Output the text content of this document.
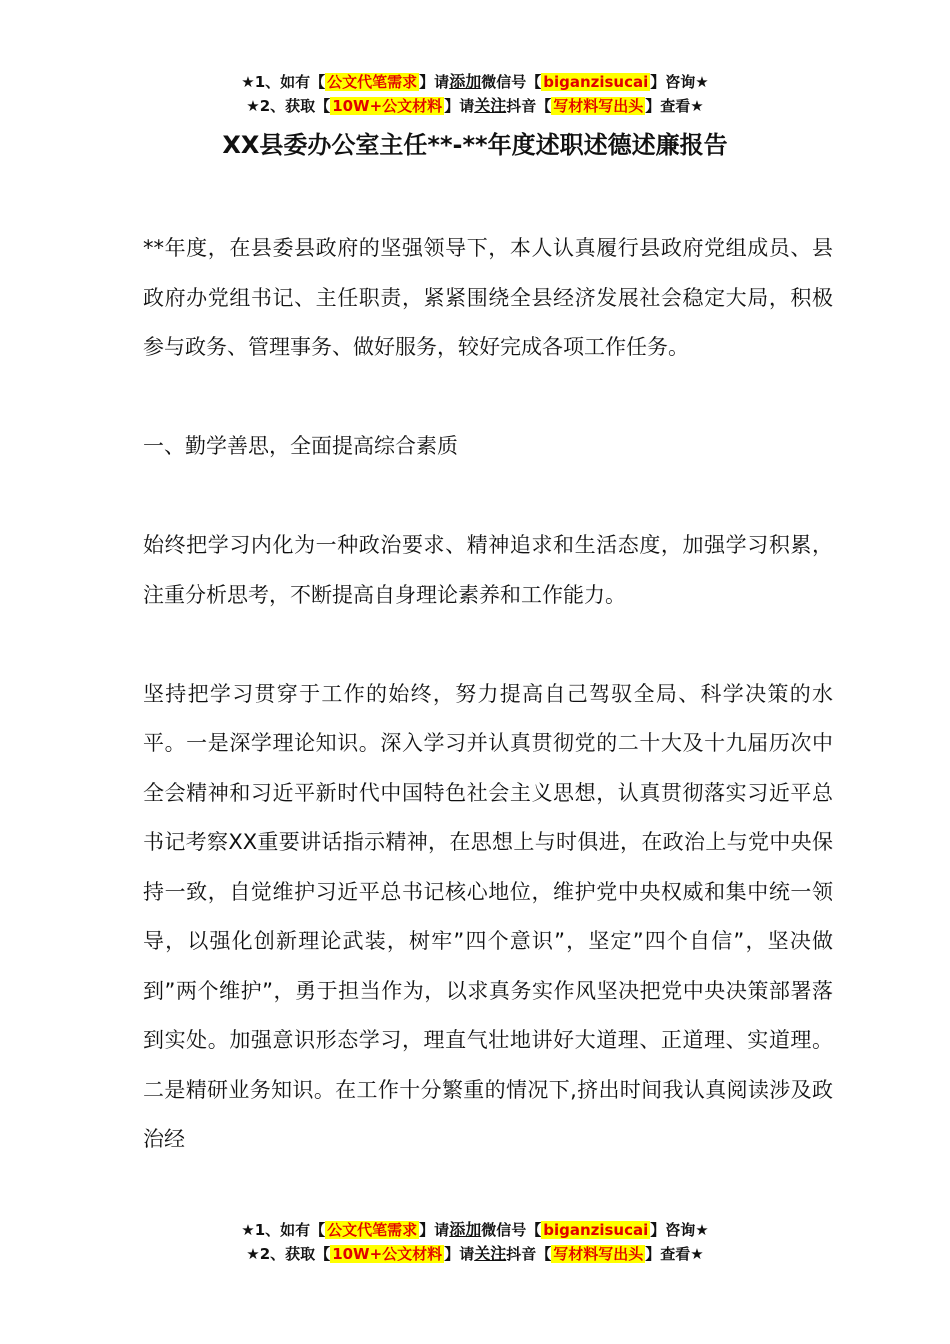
★1、如有【 公文代笔需求 】请添加微信号【 biganzisucai 】咨询★
★2、获取【 10W+公文材料 】请关注抖音【 写材料写出头 】查看★
XX县委办公室主任**-**年度述职述德述廉报告

**年度，在县委县政府的坚强领导下，本人认真履行县政府党组成员、县政府办党组书记、主任职责，紧紧围绕全县经济发展社会稳定大局，积极参与政务、管理事务、做好服务，较好完成各项工作任务。

一、勤学善思，全面提高综合素质

始终把学习内化为一种政治要求、精神追求和生活态度，加强学习积累，注重分析思考，不断提高自身理论素养和工作能力。

坚持把学习贯穿于工作的始终，努力提高自己驾驭全局、科学决策的水平。一是深学理论知识。深入学习并认真贯彻党的二十大及十九届历次中全会精神和习近平新时代中国特色社会主义思想，认真贯彻落实习近平总书记考察XX重要讲话指示精神，在思想上与时俱进，在政治上与党中央保持一致，自觉维护习近平总书记核心地位，维护党中央权威和集中统一领导，以强化创新理论武装，树牢”四个意识”，坚定”四个自信”，坚决做到”两个维护”，勇于担当作为，以求真务实作风坚决把党中央决策部署落到实处。加强意识形态学习，理直气壮地讲好大道理、正道理、实道理。二是精研业务知识。在工作十分繁重的情况下,挤出时间我认真阅读涉及政治经

★1、如有【 公文代笔需求 】请添加微信号【 biganzisucai 】咨询★
★2、获取【 10W+公文材料 】请关注抖音【 写材料写出头 】查看★
